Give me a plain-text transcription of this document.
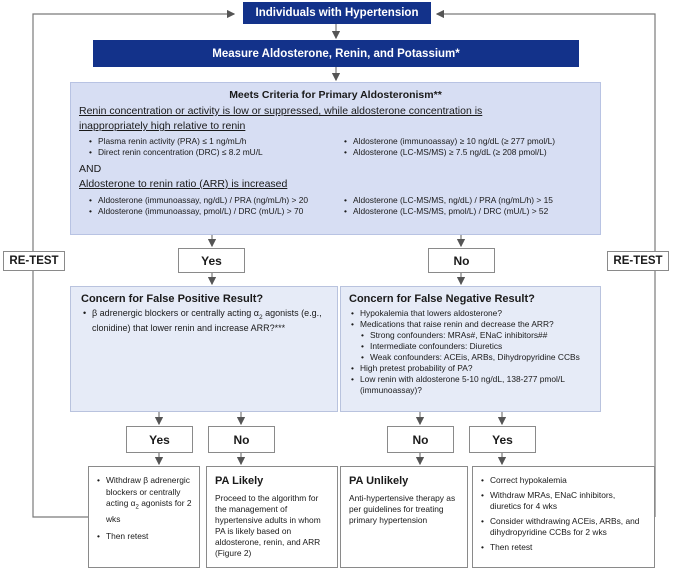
Individuals with Hypertension
Measure Aldosterone, Renin, and Potassium*
Meets Criteria for Primary Aldosteronism**
Renin concentration or activity is low or suppressed, while aldosterone concentration is
inappropriately high relative to renin
• Plasma renin activity (PRA) ≤ 1 ng/mL/h
• Direct renin concentration (DRC) ≤ 8.2 mU/L
• Aldosterone (immunoassay) ≥ 10 ng/dL (≥ 277 pmol/L)
• Aldosterone (LC-MS/MS) ≥ 7.5 ng/dL (≥ 208 pmol/L)
AND
Aldosterone to renin ratio (ARR) is increased
• Aldosterone (immunoassay, ng/dL) / PRA (ng/mL/h) > 20
• Aldosterone (immunoassay, pmol/L) / DRC (mU/L) > 70
• Aldosterone (LC-MS/MS, ng/dL) / PRA (ng/mL/h) > 15
• Aldosterone (LC-MS/MS, pmol/L) / DRC (mU/L) > 52
RE-TEST	RE-TEST
Yes	No
Concern for False Positive Result?
• β adrenergic blockers or centrally acting $\alpha_2$ agonists (e.g., clonidine) that lower renin and increase ARR?***
Concern for False Negative Result?
• Hypokalemia that lowers aldosterone?
• Medications that raise renin and decrease the ARR?
• Strong confounders: MRAs#, ENaC inhibitors##
• Intermediate confounders: Diuretics
• Weak confounders: ACEis, ARBs, Dihydropyridine CCBs
• High pretest probability of PA?
• Low renin with aldosterone 5-10 ng/dL, 138-277 pmol/L (immunoassay)?
Yes	No	No	Yes
• Withdraw β adrenergic blockers or centrally acting $\alpha_2$ agonists for 2 wks
• Then retest
PA Likely
Proceed to the algorithm for the management of hypertensive adults in whom PA is likely based on aldosterone, renin, and ARR (Figure 2)
PA Unlikely
Anti-hypertensive therapy as per guidelines for treating primary hypertension
• Correct hypokalemia
• Withdraw MRAs, ENaC inhibitors, diuretics for 4 wks
• Consider withdrawing ACEis, ARBs, and dihydropyridine CCBs for 2 wks
• Then retest
